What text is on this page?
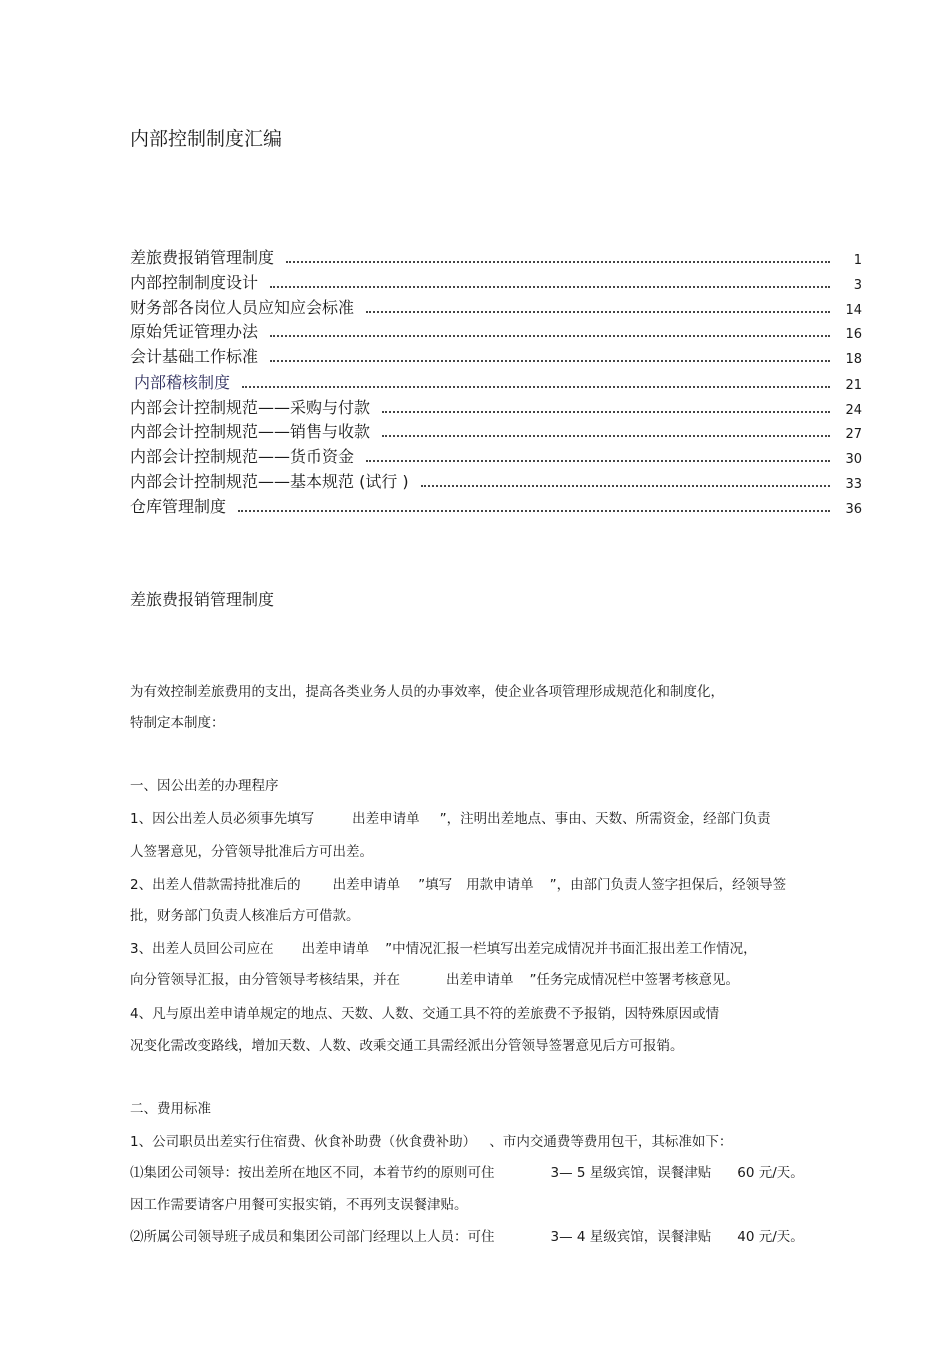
内部控制制度汇编
差旅费报销管理制度	1
内部控制制度设计	3
财务部各岗位人员应知应会标准	14
原始凭证管理办法	16
会计基础工作标准	18
内部稽核制度	21
内部会计控制规范——采购与付款	24
内部会计控制规范——销售与收款	27
内部会计控制规范——货币资金	30
内部会计控制规范——基本规范 (试行 )	33
仓库管理制度	36
差旅费报销管理制度
为有效控制差旅费用的支出，提高各类业务人员的办事效率，使企业各项管理形成规范化和制度化，
特制定本制度：
一、因公出差的办理程序
1、因公出差人员必须事先填写	出差申请单 ”，注明出差地点、事由、天数、所需资金，经部门负责
人签署意见，分管领导批准后方可出差。
2、出差人借款需持批准后的 出差申请单 ”填写 用款申请单 ”，由部门负责人签字担保后，经领导签
批，财务部门负责人核准后方可借款。
3、出差人员回公司应在 出差申请单 ”中情况汇报一栏填写出差完成情况并书面汇报出差工作情况，
向分管领导汇报，由分管领导考核结果，并在	出差申请单 ”任务完成情况栏中签署考核意见。
4、凡与原出差申请单规定的地点、天数、人数、交通工具不符的差旅费不予报销，因特殊原因或情
况变化需改变路线，增加天数、人数、改乘交通工具需经派出分管领导签署意见后方可报销。
二、费用标准
1、公司职员出差实行住宿费、伙食补助费（伙食费补助） 、市内交通费等费用包干，其标准如下：
⑴集团公司领导：按出差所在地区不同，本着节约的原则可住	3— 5 星级宾馆，误餐津贴 60 元/天。
因工作需要请客户用餐可实报实销，不再列支误餐津贴。
⑵所属公司领导班子成员和集团公司部门经理以上人员：可住	3— 4 星级宾馆，误餐津贴 40 元/天。
